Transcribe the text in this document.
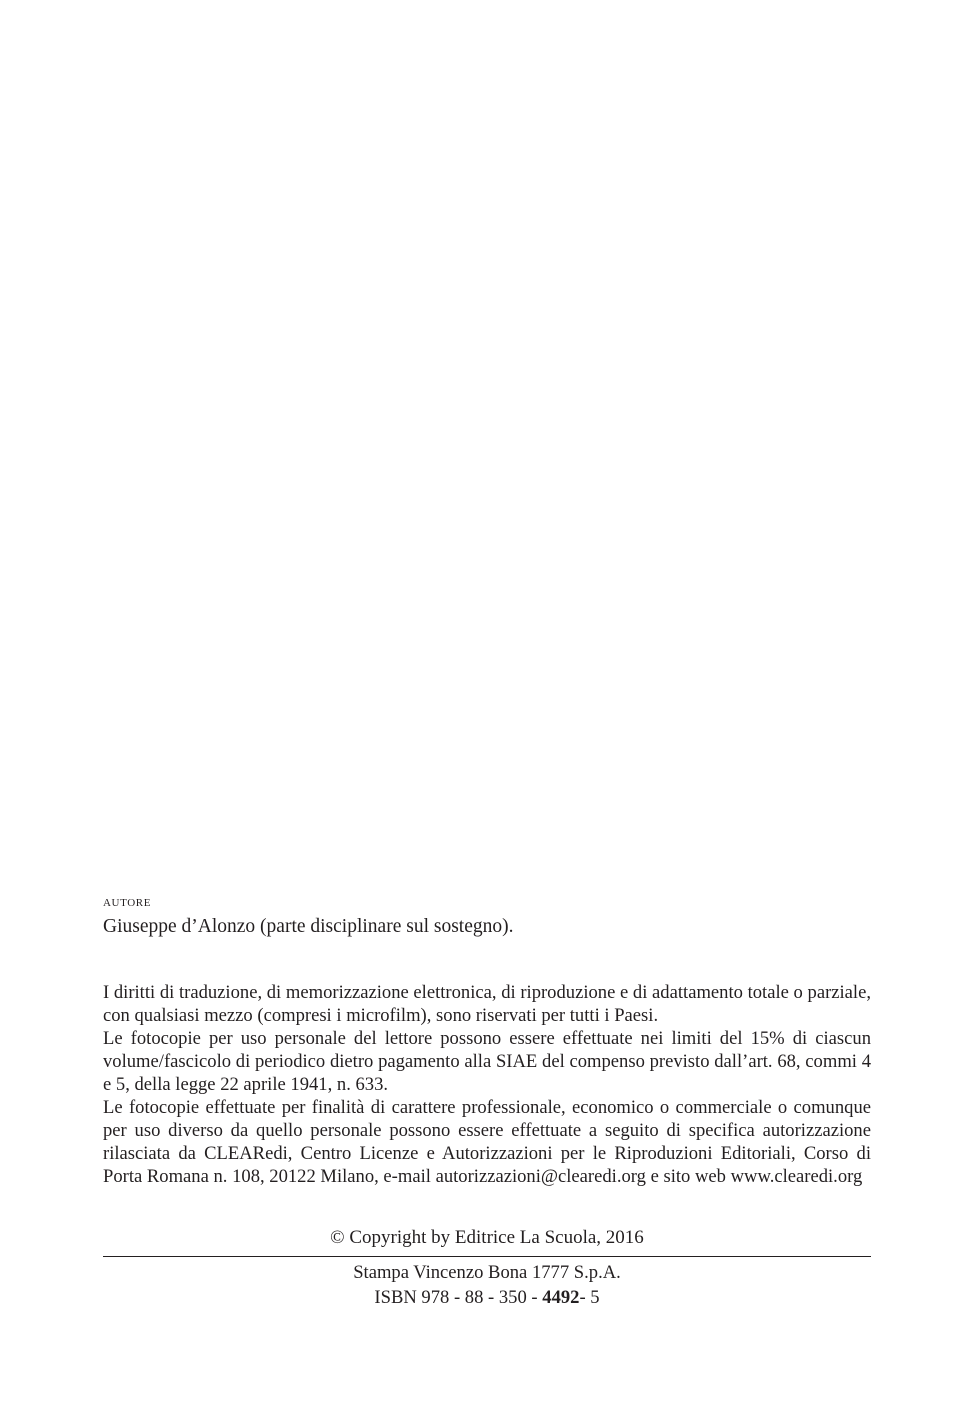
autore

Giuseppe d’Alonzo (parte disciplinare sul sostegno).

I diritti di traduzione, di memorizzazione elettronica, di riproduzione e di adattamento totale o parziale, con qualsiasi mezzo (compresi i microfilm), sono riservati per tutti i Paesi.

Le fotocopie per uso personale del lettore possono essere effettuate nei limiti del 15% di ciascun volume/fascicolo di periodico dietro pagamento alla SIAE del compenso previsto dall’art. 68, commi 4 e 5, della legge 22 aprile 1941, n. 633.

Le fotocopie effettuate per finalità di carattere professionale, economico o commerciale o comunque per uso diverso da quello personale possono essere effettuate a seguito di specifica autorizzazione rilasciata da CLEARedi, Centro Licenze e Autorizzazioni per le Riproduzioni Editoriali, Corso di Porta Romana n. 108, 20122 Milano, e-mail autorizzazioni@clearedi.org e sito web www.clearedi.org

© Copyright by Editrice La Scuola, 2016
Stampa Vincenzo Bona 1777 S.p.A.
ISBN 978 - 88 - 350 - 4492- 5
